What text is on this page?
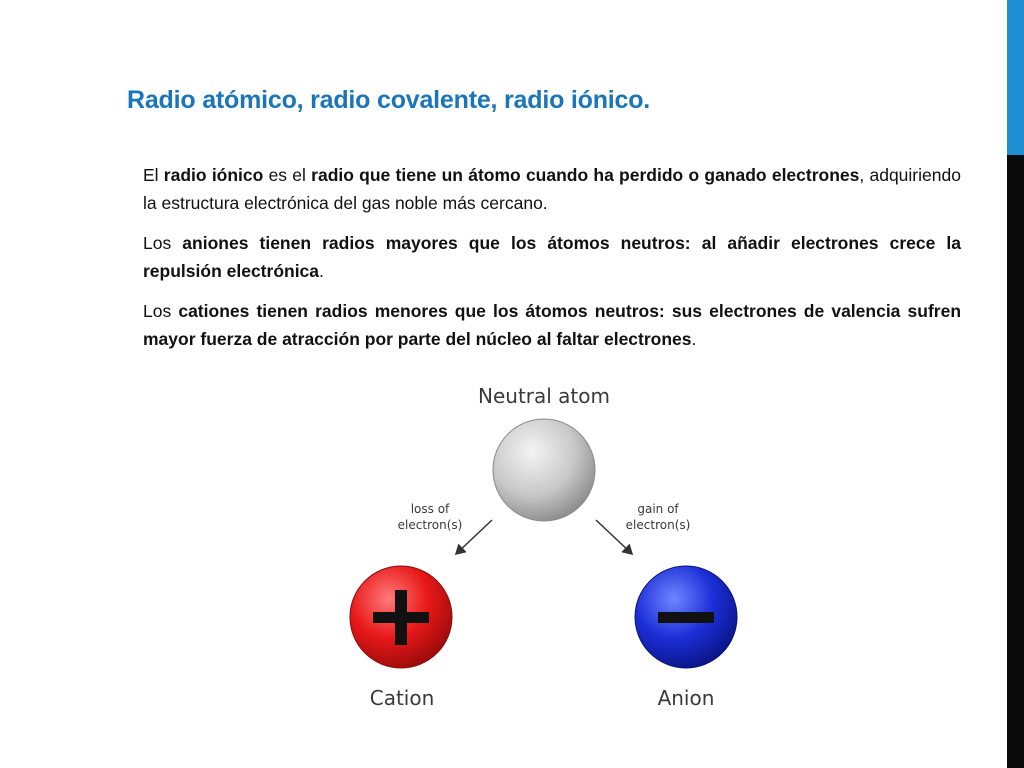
Radio atómico, radio covalente, radio iónico.

El radio iónico es el radio que tiene un átomo cuando ha perdido o ganado electrones, adquiriendo la estructura electrónica del gas noble más cercano.

Los aniones tienen radios mayores que los átomos neutros: al añadir electrones crece la repulsión electrónica.

Los cationes tienen radios menores que los átomos neutros: sus electrones de valencia sufren mayor fuerza de atracción por parte del núcleo al faltar electrones.

Neutral atom
loss of
electron(s)
gain of
electron(s)
Cation	Anion
